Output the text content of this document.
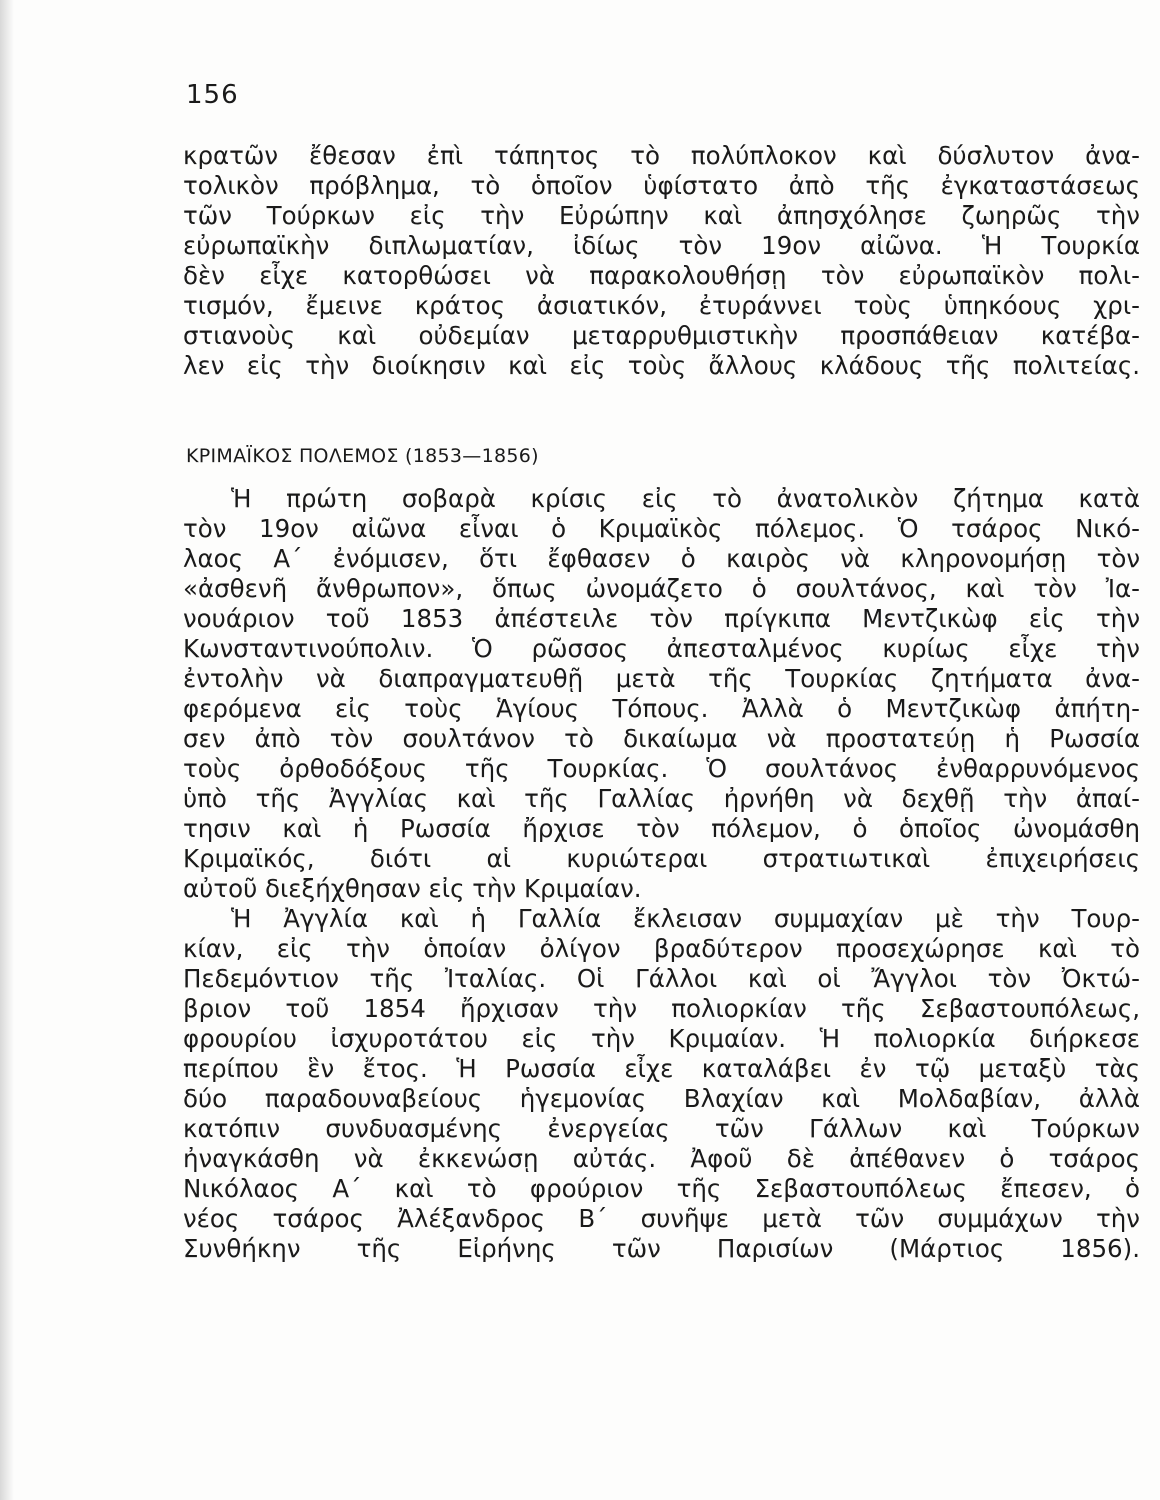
156
κρατῶν ἔθεσαν ἐπὶ τάπητος τὸ πολύπλοκον καὶ δύσλυτον ἀνα-
τολικὸν πρόβλημα, τὸ ὁποῖον ὑφίστατο ἀπὸ τῆς ἐγκαταστάσεως
τῶν Τούρκων εἰς τὴν Εὐρώπην καὶ ἀπησχόλησε ζωηρῶς τὴν
εὐρωπαϊκὴν διπλωματίαν, ἰδίως τὸν 19ον αἰῶνα. Ἡ Τουρκία
δὲν εἶχε κατορθώσει νὰ παρακολουθήσῃ τὸν εὐρωπαϊκὸν πολι-
τισμόν, ἔμεινε κράτος ἀσιατικόν, ἐτυράννει τοὺς ὑπηκόους χρι-
στιανοὺς καὶ οὐδεμίαν μεταρρυθμιστικὴν προσπάθειαν κατέβα-
λεν εἰς τὴν διοίκησιν καὶ εἰς τοὺς ἄλλους κλάδους τῆς πολιτείας.
ΚΡΙΜΑΪΚΟΣ ΠΟΛΕΜΟΣ (1853—1856)
Ἡ πρώτη σοβαρὰ κρίσις εἰς τὸ ἀνατολικὸν ζήτημα κατὰ
τὸν 19ον αἰῶνα εἶναι ὁ Κριμαϊκὸς πόλεμος. Ὁ τσάρος Νικό-
λαος Α΄ ἐνόμισεν, ὅτι ἔφθασεν ὁ καιρὸς νὰ κληρονομήσῃ τὸν
«ἀσθενῆ ἄνθρωπον», ὅπως ὠνομάζετο ὁ σουλτάνος, καὶ τὸν Ἰα-
νουάριον τοῦ 1853 ἀπέστειλε τὸν πρίγκιπα Μεντζικὼφ εἰς τὴν
Κωνσταντινούπολιν. Ὁ ρῶσσος ἀπεσταλμένος κυρίως εἶχε τὴν
ἐντολὴν νὰ διαπραγματευθῇ μετὰ τῆς Τουρκίας ζητήματα ἀνα-
φερόμενα εἰς τοὺς Ἁγίους Τόπους. Ἀλλὰ ὁ Μεντζικὼφ ἀπήτη-
σεν ἀπὸ τὸν σουλτάνον τὸ δικαίωμα νὰ προστατεύῃ ἡ Ρωσσία
τοὺς ὀρθοδόξους τῆς Τουρκίας. Ὁ σουλτάνος ἐνθαρρυνόμενος
ὑπὸ τῆς Ἀγγλίας καὶ τῆς Γαλλίας ἠρνήθη νὰ δεχθῇ τὴν ἀπαί-
τησιν καὶ ἡ Ρωσσία ἤρχισε τὸν πόλεμον, ὁ ὁποῖος ὠνομάσθη
Κριμαϊκός, διότι αἱ κυριώτεραι στρατιωτικαὶ ἐπιχειρήσεις
αὐτοῦ διεξήχθησαν εἰς τὴν Κριμαίαν.
Ἡ Ἀγγλία καὶ ἡ Γαλλία ἔκλεισαν συμμαχίαν μὲ τὴν Τουρ-
κίαν, εἰς τὴν ὁποίαν ὀλίγον βραδύτερον προσεχώρησε καὶ τὸ
Πεδεμόντιον τῆς Ἰταλίας. Οἱ Γάλλοι καὶ οἱ Ἄγγλοι τὸν Ὀκτώ-
βριον τοῦ 1854 ἤρχισαν τὴν πολιορκίαν τῆς Σεβαστουπόλεως,
φρουρίου ἰσχυροτάτου εἰς τὴν Κριμαίαν. Ἡ πολιορκία διήρκεσε
περίπου ἓν ἔτος. Ἡ Ρωσσία εἶχε καταλάβει ἐν τῷ μεταξὺ τὰς
δύο παραδουναβείους ἡγεμονίας Βλαχίαν καὶ Μολδαβίαν, ἀλλὰ
κατόπιν συνδυασμένης ἐνεργείας τῶν Γάλλων καὶ Τούρκων
ἠναγκάσθη νὰ ἐκκενώσῃ αὐτάς. Ἀφοῦ δὲ ἀπέθανεν ὁ τσάρος
Νικόλαος Α΄ καὶ τὸ φρούριον τῆς Σεβαστουπόλεως ἔπεσεν, ὁ
νέος τσάρος Ἀλέξανδρος Β΄ συνῆψε μετὰ τῶν συμμάχων τὴν
Συνθήκην τῆς Εἰρήνης τῶν Παρισίων (Μάρτιος 1856).
